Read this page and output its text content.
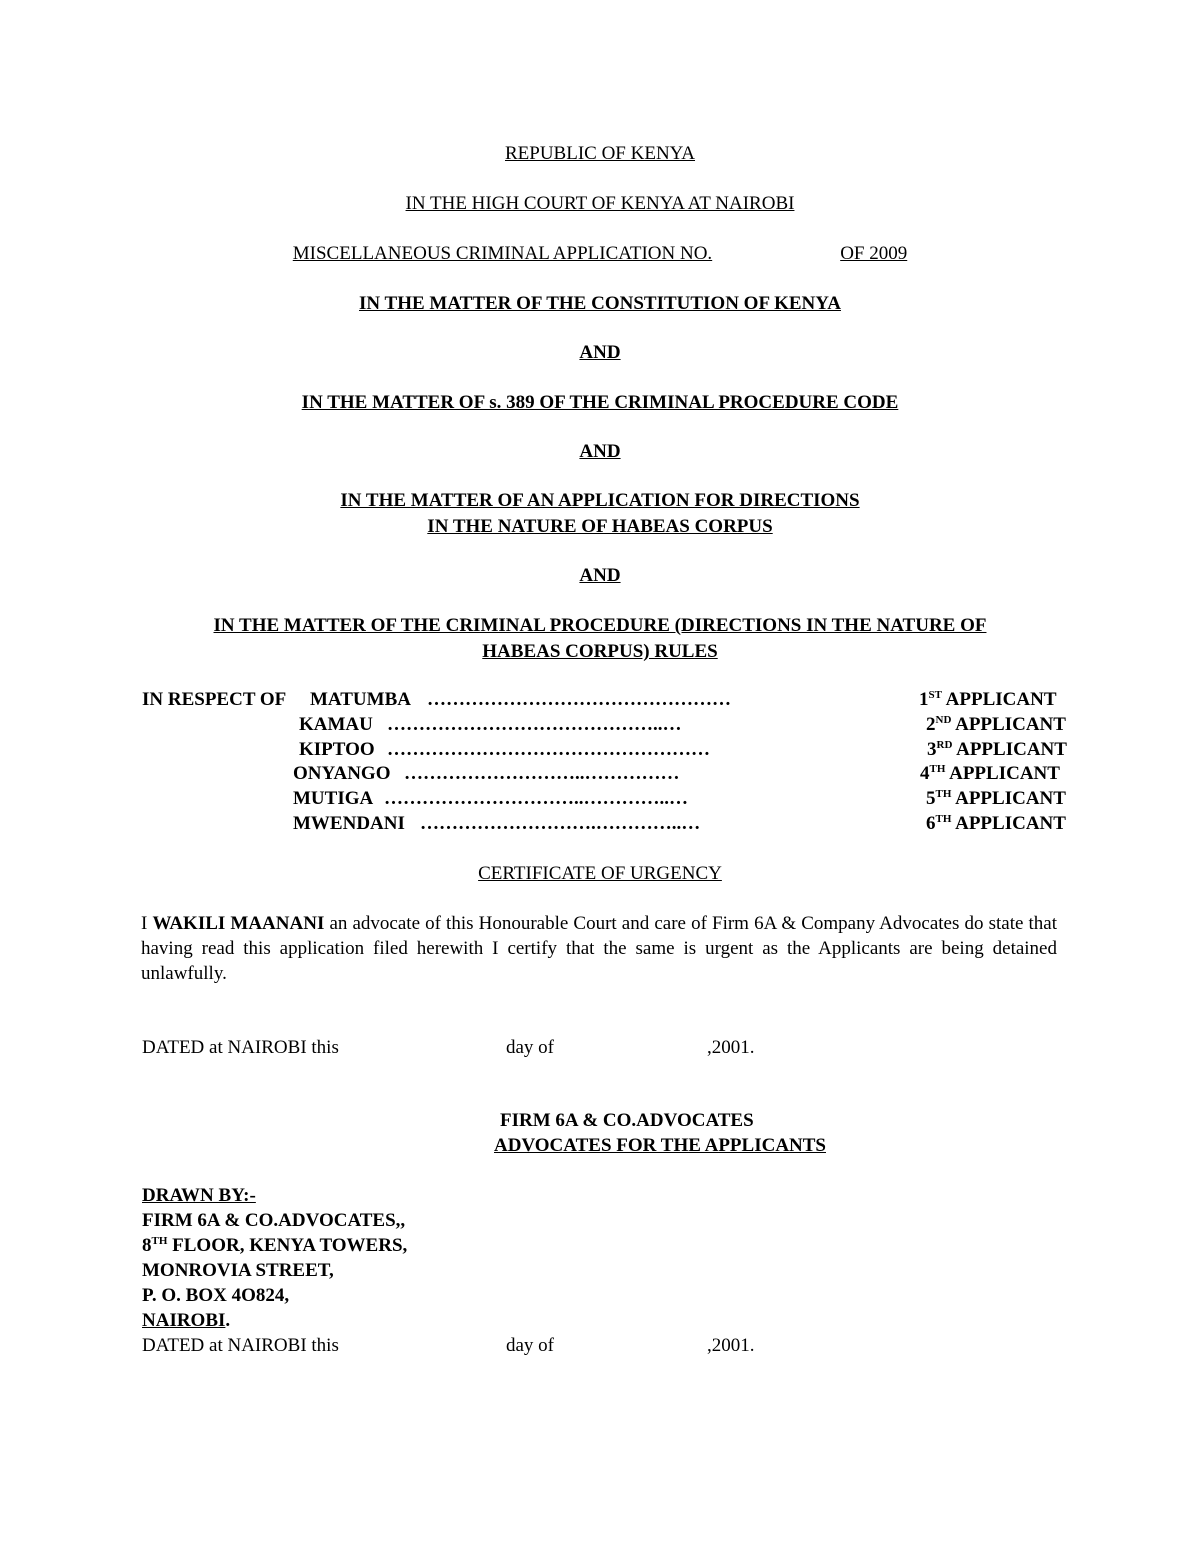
REPUBLIC OF KENYA
IN THE HIGH COURT OF KENYA AT NAIROBI
MISCELLANEOUS CRIMINAL APPLICATION NO.	OF 2009
IN THE MATTER OF THE CONSTITUTION OF KENYA
AND
IN THE MATTER OF s. 389 OF THE CRIMINAL PROCEDURE CODE
AND
IN THE MATTER OF AN APPLICATION FOR DIRECTIONS
IN THE NATURE OF HABEAS CORPUS
AND
IN THE MATTER OF THE CRIMINAL PROCEDURE (DIRECTIONS IN THE NATURE OF
HABEAS CORPUS) RULES
IN RESPECT OF MATUMBA …………………………………………	1ST APPLICANT
KAMAU ……………………………………..…	2ND APPLICANT
KIPTOO ……………………………………………	3RD APPLICANT
ONYANGO ………………………..……………	4TH APPLICANT
MUTIGA …………………………..…………..…	5TH APPLICANT
MWENDANI ……………………….…………..…	6TH APPLICANT
CERTIFICATE OF URGENCY
I WAKILI MAANANI an advocate of this Honourable Court and care of Firm 6A & Company Advocates do state that having read this application filed herewith I certify that the same is urgent as the Applicants are being detained unlawfully.
DATED at NAIROBI this	day of	,2001.
FIRM 6A & CO.ADVOCATES
ADVOCATES FOR THE APPLICANTS
DRAWN BY:-
FIRM 6A & CO.ADVOCATES,,
8TH FLOOR, KENYA TOWERS,
MONROVIA STREET,
P. O. BOX 4O824,
NAIROBI.
DATED at NAIROBI this	day of	,2001.
